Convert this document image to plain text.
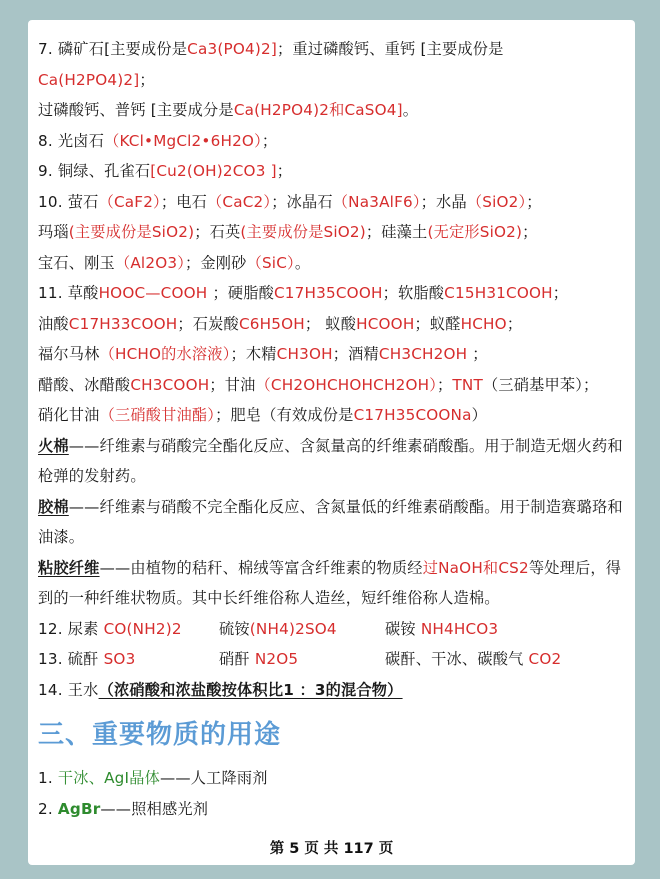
7. 磷矿石[主要成份是Ca3(PO4)2]；重过磷酸钙、重钙 [主要成份是
Ca(H2PO4)2]；
过磷酸钙、普钙 [主要成分是Ca(H2PO4)2和CaSO4]。
8. 光卤石（KCl•MgCl2•6H2O）；
9. 铜绿、孔雀石[Cu2(OH)2CO3 ]；
10. 萤石（CaF2）；电石（CaC2）；冰晶石（Na3AlF6）；水晶（SiO2）；
玛瑙(主要成份是SiO2)；石英(主要成份是SiO2)；硅藻土(无定形SiO2)；
宝石、刚玉（Al2O3）；金刚砂（SiC）。
11. 草酸HOOC—COOH ；硬脂酸C17H35COOH；软脂酸C15H31COOH；
油酸C17H33COOH；石炭酸C6H5OH； 蚁酸HCOOH；蚁醛HCHO；
福尔马林（HCHO的水溶液）；木精CH3OH；酒精CH3CH2OH ；
醋酸、冰醋酸CH3COOH；甘油（CH2OHCHOHCH2OH）；TNT（三硝基甲苯）；
硝化甘油（三硝酸甘油酯）；肥皂（有效成份是C17H35COONa）
火棉——纤维素与硝酸完全酯化反应、含氮量高的纤维素硝酸酯。用于制造无烟火药和枪弹的发射药。
胶棉——纤维素与硝酸不完全酯化反应、含氮量低的纤维素硝酸酯。用于制造赛璐珞和油漆。
粘胶纤维——由植物的秸秆、棉绒等富含纤维素的物质经过NaOH和CS2等处理后，得到的一种纤维状物质。其中长纤维俗称人造丝，短纤维俗称人造棉。
12. 尿素 CO(NH2)2	硫铵(NH4)2SO4	碳铵 NH4HCO3
13. 硫酐 SO3	硝酐 N2O5	碳酐、干冰、碳酸气 CO2
14. 王水（浓硝酸和浓盐酸按体积比1 ：3的混合物）
三、重要物质的用途
1. 干冰、AgI晶体——人工降雨剂
2. AgBr——照相感光剂
第 5 页 共 117 页
